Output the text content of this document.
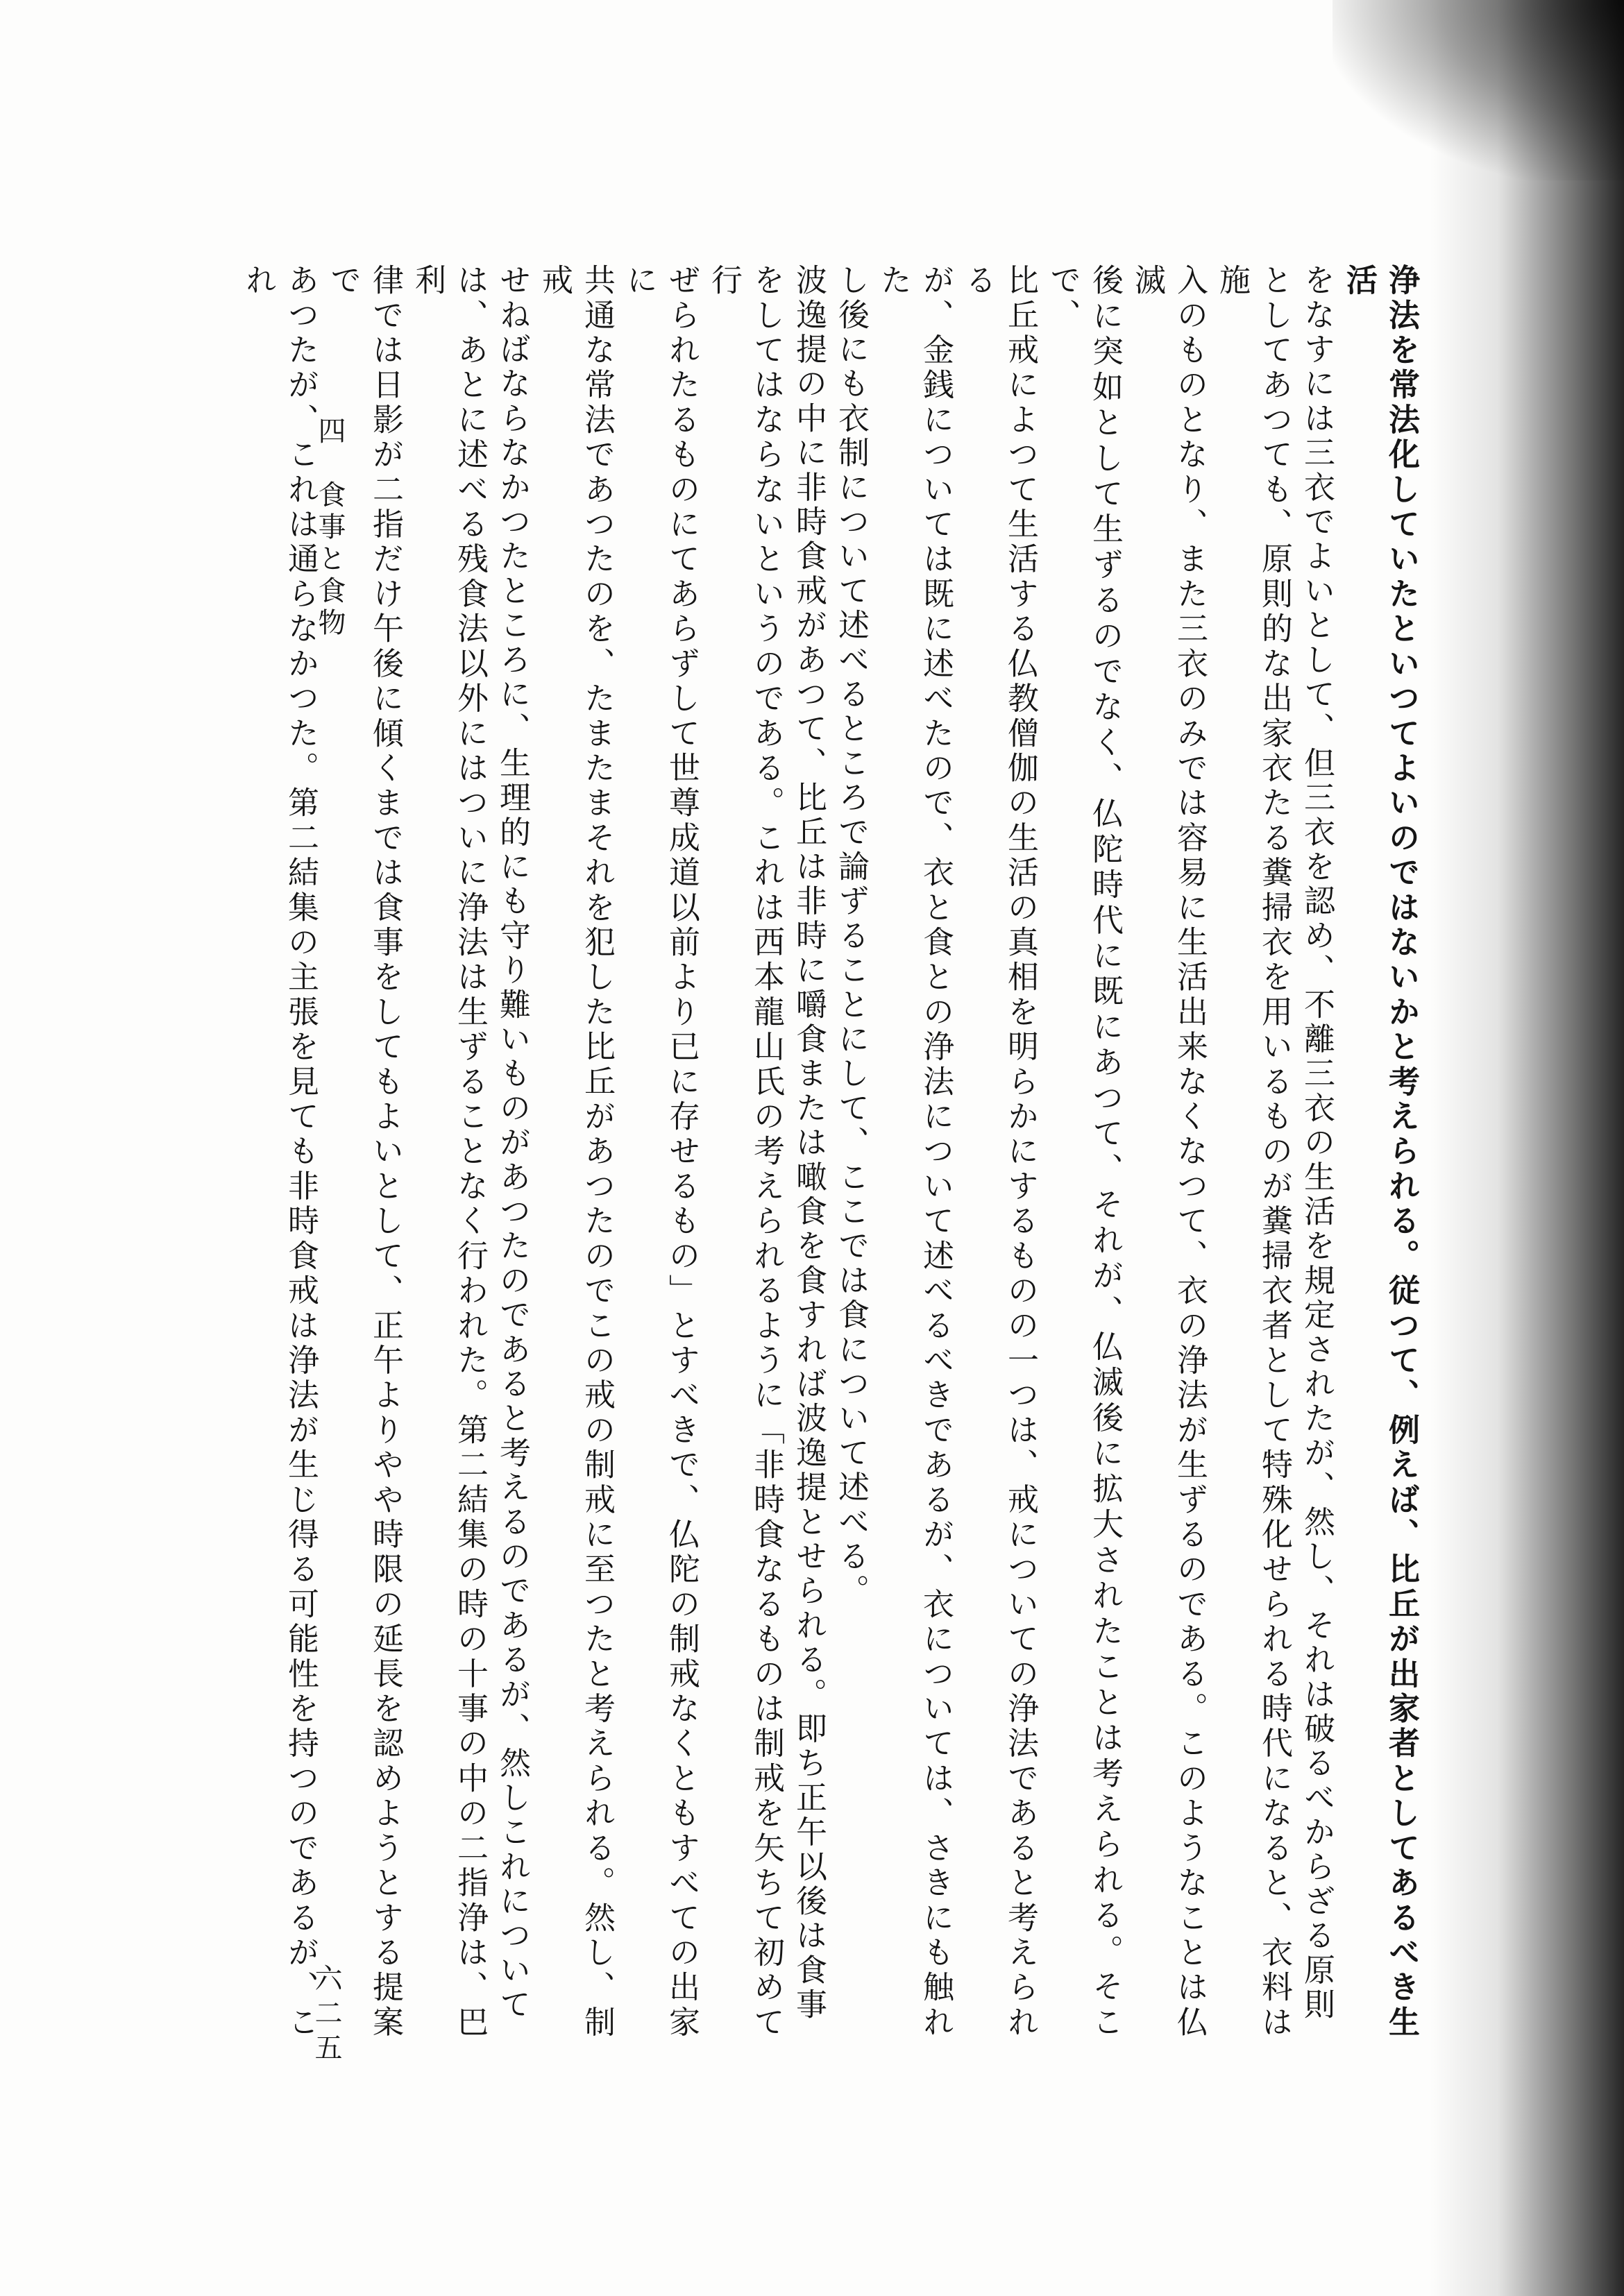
浄法を常法化していたといつてよいのではないかと考えられる。従つて、例えば、比丘が出家者としてあるべき生活
をなすには三衣でよいとして、但三衣を認め、不離三衣の生活を規定されたが、然し、それは破るべからざる原則
としてあつても、原則的な出家衣たる糞掃衣を用いるものが糞掃衣者として特殊化せられる時代になると、衣料は施
入のものとなり、また三衣のみでは容易に生活出来なくなつて、衣の浄法が生ずるのである。このようなことは仏滅
後に突如として生ずるのでなく、仏陀時代に既にあつて、それが、仏滅後に拡大されたことは考えられる。そこで、
比丘戒によつて生活する仏教僧伽の生活の真相を明らかにするものの一つは、戒についての浄法であると考えられる
が、金銭については既に述べたので、衣と食との浄法について述べるべきであるが、衣については、さきにも触れた
し後にも衣制について述べるところで論ずることにして、ここでは食について述べる。
波逸提の中に非時食戒があつて、比丘は非時に嚼食または噉食を食すれば波逸提とせられる。即ち正午以後は食事
をしてはならないというのである。これは西本龍山氏の考えられるように「非時食なるものは制戒を矢ちて初めて行
ぜられたるものにてあらずして世尊成道以前より已に存せるもの」とすべきで、仏陀の制戒なくともすべての出家に
共通な常法であつたのを、たまたまそれを犯した比丘があつたのでこの戒の制戒に至つたと考えられる。然し、制戒
せねばならなかつたところに、生理的にも守り難いものがあつたのであると考えるのであるが、然しこれについて
は、あとに述べる残食法以外にはついに浄法は生ずることなく行われた。第二結集の時の十事の中の二指浄は、巴利
律では日影が二指だけ午後に傾くまでは食事をしてもよいとして、正午よりやや時限の延長を認めようとする提案で
あつたが、これは通らなかつた。第二結集の主張を見ても非時食戒は浄法が生じ得る可能性を持つのであるが、これ
四　食事と食物
六二五
